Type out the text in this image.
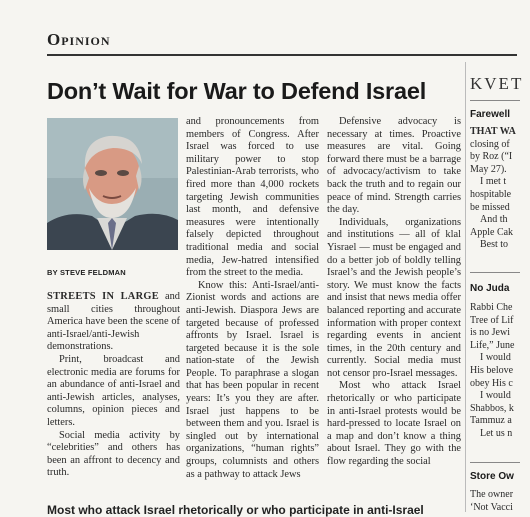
Opinion
Don’t Wait for War to Defend Israel
BY STEVE FELDMAN

STREETS IN LARGE and small cities throughout America have been the scene of anti-Israel/anti-Jewish demonstrations.

Print, broadcast and electronic media are forums for an abundance of anti-Israel and anti-Jewish articles, analyses, columns, opinion pieces and letters.

Social media activity by “celebrities” and others has been an affront to decency and truth.

and pronouncements from members of Congress. After Israel was forced to use military power to stop Palestinian-Arab terrorists, who fired more than 4,000 rockets targeting Jewish communities last month, and defensive measures were intentionally falsely depicted throughout traditional media and social media, Jew-hatred intensified from the street to the media.

Know this: Anti-Israel/anti-Zionist words and actions are anti-Jewish. Diaspora Jews are targeted because of professed affronts by Israel. Israel is targeted because it is the sole nation-state of the Jewish People. To paraphrase a slogan that has been popular in recent years: It’s you they are after. Israel just happens to be between them and you. Israel is singled out by international organizations, “human rights” groups, columnists and others as a pathway to attack Jews

Defensive advocacy is necessary at times. Proactive measures are vital. Going forward there must be a barrage of advocacy/activism to take back the truth and to regain our peace of mind. Strength carries the day.

Individuals, organizations and institutions — all of klal Yisrael — must be engaged and do a better job of boldly telling Israel’s and the Jewish people’s story. We must know the facts and insist that news media offer balanced reporting and accurate information with proper context regarding events in ancient times, in the 20th century and currently. Social media must not censor pro-Israel messages.

Most who attack Israel rhetorically or who participate in anti-Israel protests would be hard-pressed to locate Israel on a map and don’t know a thing about Israel. They go with the flow regarding the social

KVET
Farewell
THAT WA
closing of
by Roz (“I
May 27).
I met t
hospitable
be missed
And th
Apple Cak
Best to
No Juda
Rabbi Che
Tree of Lif
is no Jewi
Life,” June
I would
His belove
obey His c
I would
Shabbos, k
Tammuz a
Let us n
Store Ow
The owner
‘Not Vacci
Most who attack Israel rhetorically or who participate in anti-Israel
